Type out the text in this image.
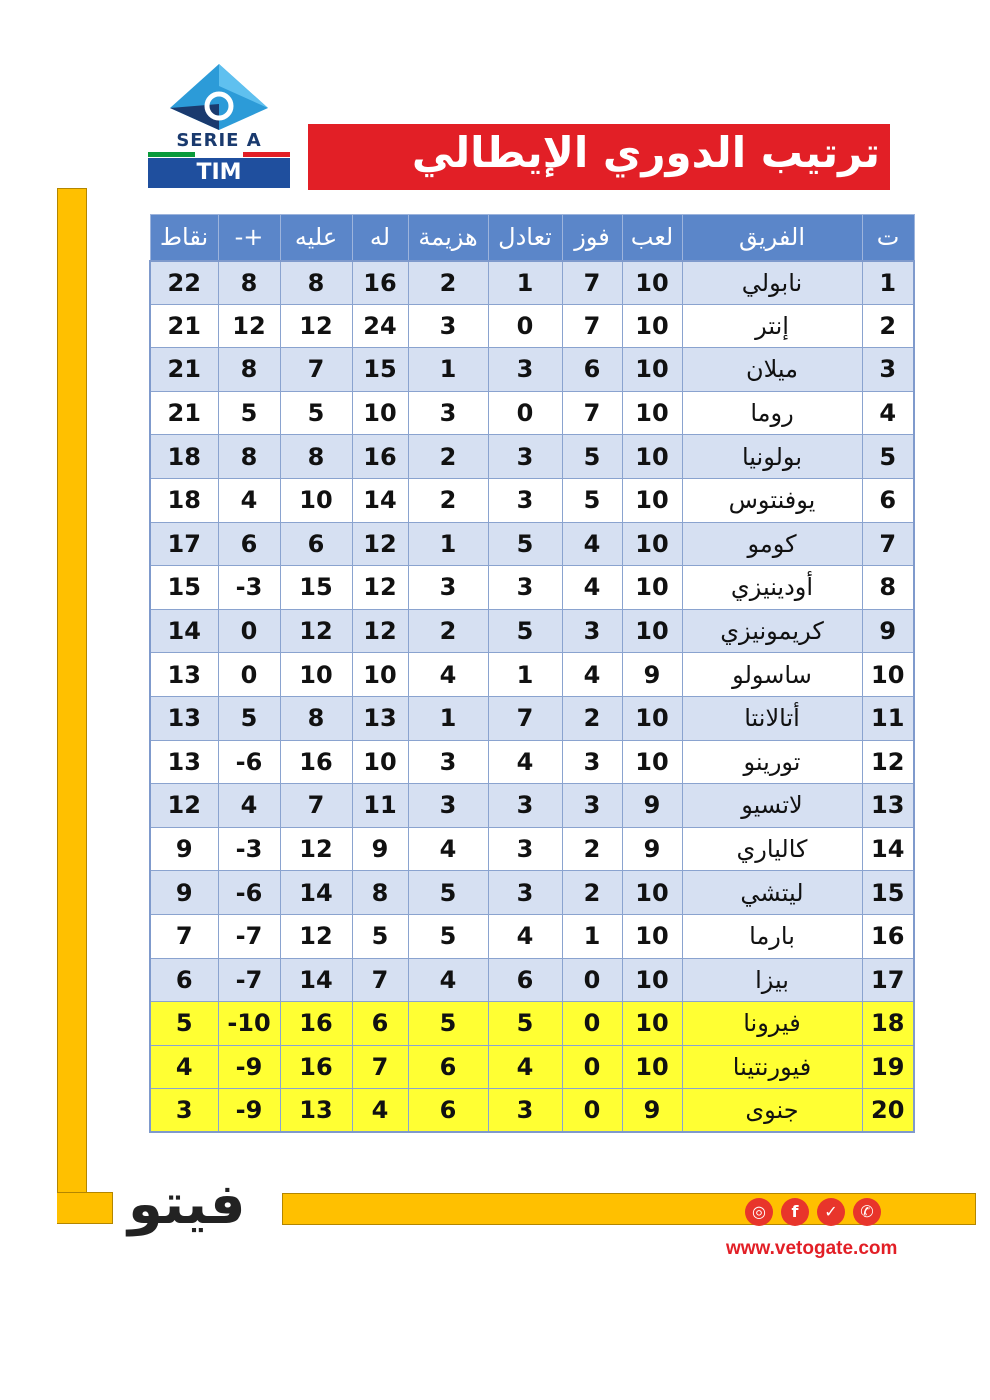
SERIE A
TIM	ترتيب الدوري الإيطالي
ت	الفريق	لعب	فوز	تعادل	هزيمة	له	عليه	+-	نقاط
1	نابولي	10	7	1	2	16	8	8	22
2	إنتر	10	7	0	3	24	12	12	21
3	ميلان	10	6	3	1	15	7	8	21
4	روما	10	7	0	3	10	5	5	21
5	بولونيا	10	5	3	2	16	8	8	18
6	يوفنتوس	10	5	3	2	14	10	4	18
7	كومو	10	4	5	1	12	6	6	17
8	أودينيزي	10	4	3	3	12	15	-3	15
9	كريمونيزي	10	3	5	2	12	12	0	14
10	ساسولو	9	4	1	4	10	10	0	13
11	أتالانتا	10	2	7	1	13	8	5	13
12	تورينو	10	3	4	3	10	16	-6	13
13	لاتسيو	9	3	3	3	11	7	4	12
14	كالياري	9	2	3	4	9	12	-3	9
15	ليتشي	10	2	3	5	8	14	-6	9
16	بارما	10	1	4	5	5	12	-7	7
17	بيزا	10	0	6	4	7	14	-7	6
18	فيرونا	10	0	5	5	6	16	-10	5
19	فيورنتينا	10	0	4	6	7	16	-9	4
20	جنوى	9	0	3	6	4	13	-9	3
فيتو	◎	f	✓	✆
www.vetogate.com
